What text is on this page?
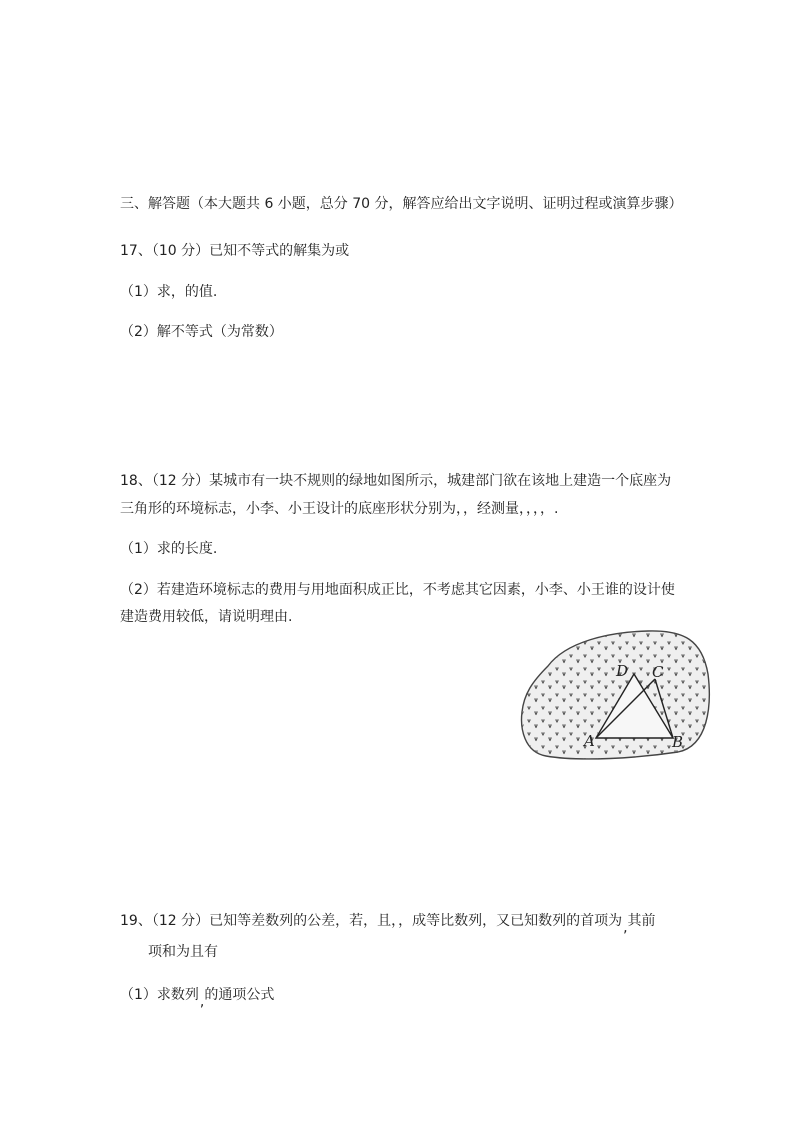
三、解答题（本大题共 6 小题，总分 70 分，解答应给出文字说明、证明过程或演算步骤）
17、（10 分）已知不等式的解集为或
（1）求，的值.
（2）解不等式（为常数）
18、（12 分）某城市有一块不规则的绿地如图所示，城建部门欲在该地上建造一个底座为
三角形的环境标志，小李、小王设计的底座形状分别为，，经测量，，，，.
（1）求的长度.
（2）若建造环境标志的费用与用地面积成正比，不考虑其它因素，小李、小王谁的设计使
建造费用较低，请说明理由.
A	B
C
D
19、（12 分）已知等差数列的公差，若，且，，成等比数列，又已知数列的首项为,其前
项和为且有
（1）求数列,的通项公式
